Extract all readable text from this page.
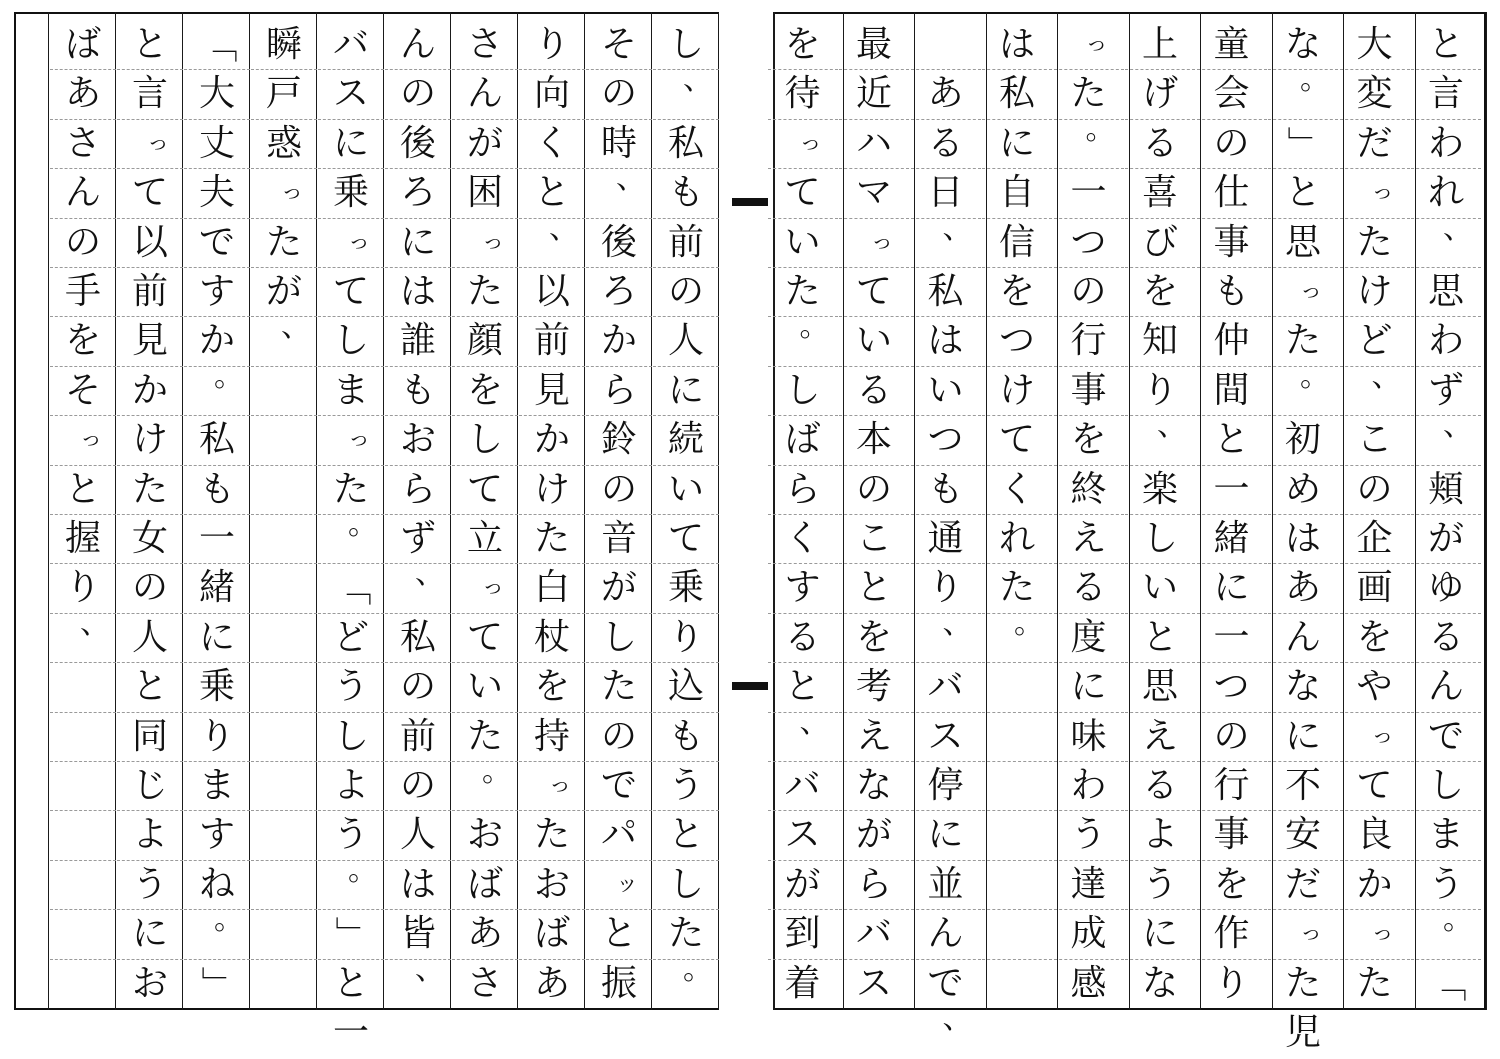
と
言
わ
れ
、
思
わ
ず
、
頬
が
ゆ
る
ん
で
し
ま
う
。
「
大
変
だ
っ
た
け
ど
、
こ
の
企
画
を
や
っ
て
良
か
っ
た
な
。
」
と
思
っ
た
。
初
め
は
あ
ん
な
に
不
安
だ
っ
た
児
童
会
の
仕
事
も
仲
間
と
一
緒
に
一
つ
の
行
事
を
作
り
上
げ
る
喜
び
を
知
り
、
楽
し
い
と
思
え
る
よ
う
に
な
っ
た
。
一
つ
の
行
事
を
終
え
る
度
に
味
わ
う
達
成
感
は
私
に
自
信
を
つ
け
て
く
れ
た
。
あ
る
日
、
私
は
い
つ
も
通
り
、
バ
ス
停
に
並
ん
で
、
最
近
ハ
マ
っ
て
い
る
本
の
こ
と
を
考
え
な
が
ら
バ
ス
を
待
っ
て
い
た
。
し
ば
ら
く
す
る
と
、
バ
ス
が
到
着
し
、
私
も
前
の
人
に
続
い
て
乗
り
込
も
う
と
し
た
。
そ
の
時
、
後
ろ
か
ら
鈴
の
音
が
し
た
の
で
パ
ッ
と
振
り
向
く
と
、
以
前
見
か
け
た
白
杖
を
持
っ
た
お
ば
あ
さ
ん
が
困
っ
た
顔
を
し
て
立
っ
て
い
た
。
お
ば
あ
さ
ん
の
後
ろ
に
は
誰
も
お
ら
ず
、
私
の
前
の
人
は
皆
、
バ
ス
に
乗
っ
て
し
ま
っ
た
。
「
ど
う
し
よ
う
。
」
と
一
瞬
戸
惑
っ
た
が
、
「
大
丈
夫
で
す
か
。
私
も
一
緒
に
乗
り
ま
す
ね
。
」
と
言
っ
て
以
前
見
か
け
た
女
の
人
と
同
じ
よ
う
に
お
ば
あ
さ
ん
の
手
を
そ
っ
と
握
り
、
